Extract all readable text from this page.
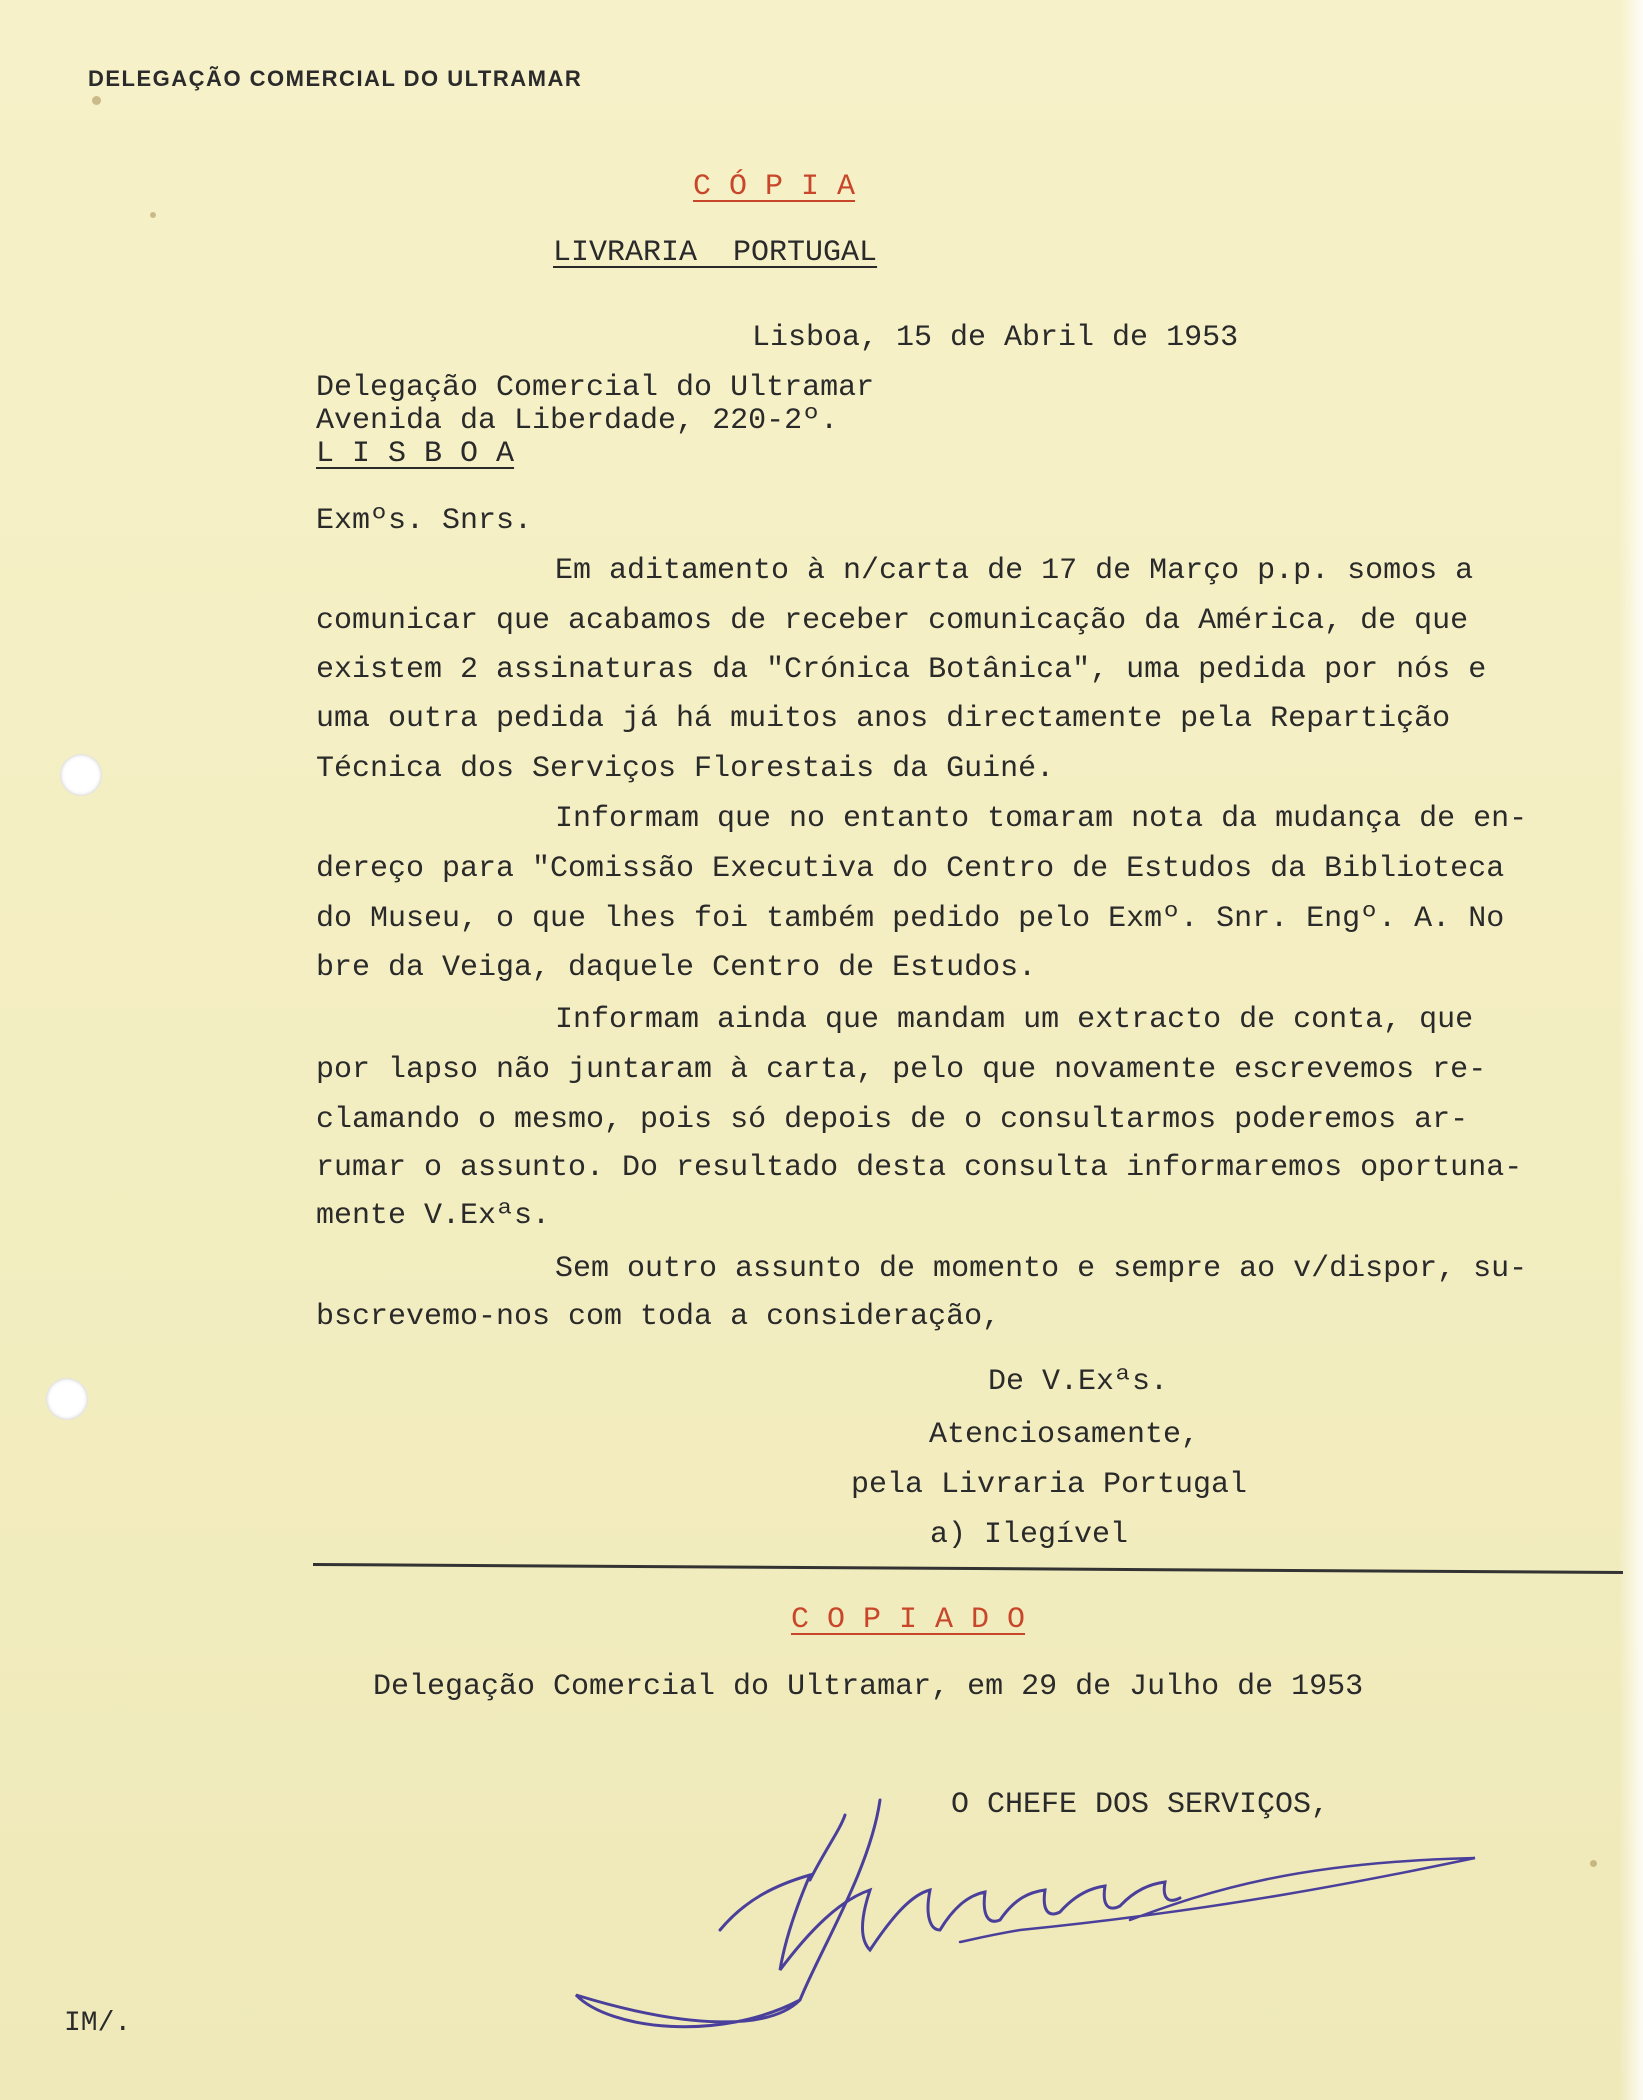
DELEGAÇÃO COMERCIAL DO ULTRAMAR
C Ó P I A
LIVRARIA  PORTUGAL
Lisboa, 15 de Abril de 1953
Delegação Comercial do Ultramar
Avenida da Liberdade, 220-2º.
L I S B O A
Exmºs. Snrs.
Em aditamento à n/carta de 17 de Março p.p. somos a
comunicar que acabamos de receber comunicação da América, de que
existem 2 assinaturas da "Crónica Botânica", uma pedida por nós e
uma outra pedida já há muitos anos directamente pela Repartição
Técnica dos Serviços Florestais da Guiné.
Informam que no entanto tomaram nota da mudança de en-
dereço para "Comissão Executiva do Centro de Estudos da Biblioteca
do Museu, o que lhes foi também pedido pelo Exmº. Snr. Engº. A. No
bre da Veiga, daquele Centro de Estudos.
Informam ainda que mandam um extracto de conta, que
por lapso não juntaram à carta, pelo que novamente escrevemos re-
clamando o mesmo, pois só depois de o consultarmos poderemos ar-
rumar o assunto. Do resultado desta consulta informaremos oportuna-
mente V.Exªs.
Sem outro assunto de momento e sempre ao v/dispor, su-
bscrevemo-nos com toda a consideração,
De V.Exªs.
Atenciosamente,
pela Livraria Portugal
a) Ilegível
C O P I A D O
Delegação Comercial do Ultramar, em 29 de Julho de 1953
O CHEFE DOS SERVIÇOS,
IM/.
